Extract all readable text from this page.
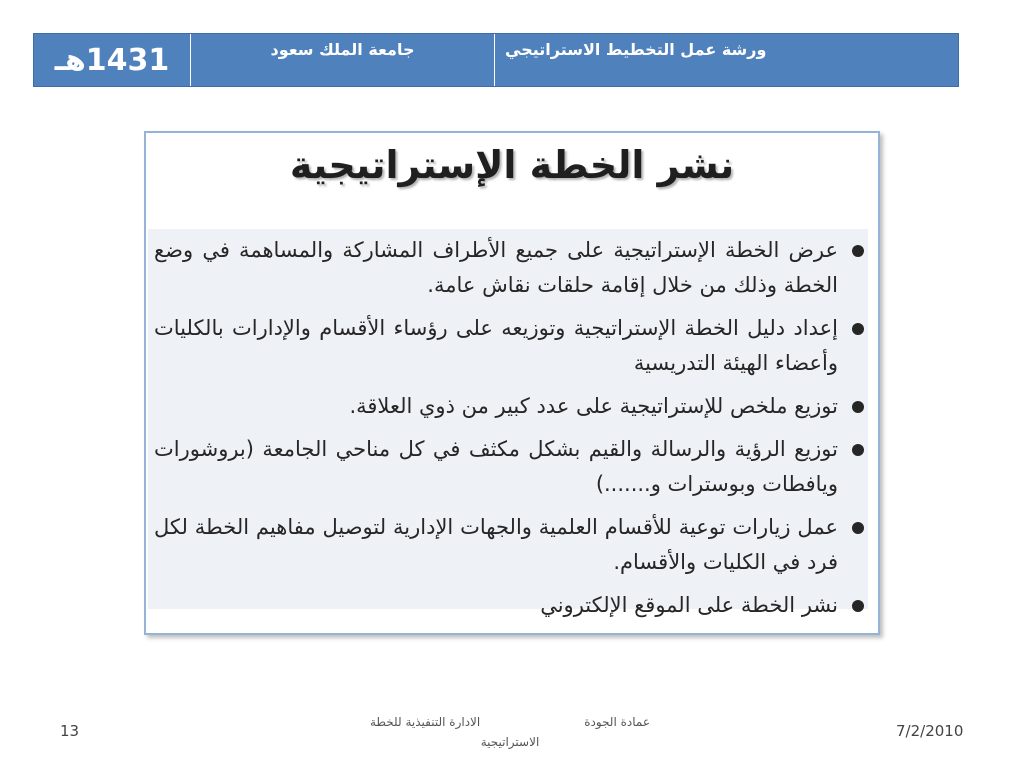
ورشة عمل التخطيط الاستراتيجي
جامعة الملك سعود
1431هـ
نشر الخطة الإستراتيجية
عرض الخطة الإستراتيجية على جميع الأطراف المشاركة والمساهمة في وضع الخطة وذلك من خلال إقامة حلقات نقاش عامة.
إعداد دليل الخطة الإستراتيجية وتوزيعه على رؤساء الأقسام والإدارات بالكليات وأعضاء الهيئة التدريسية
توزيع ملخص للإستراتيجية على عدد كبير من ذوي العلاقة.
توزيع الرؤية والرسالة والقيم بشكل مكثف في كل مناحي الجامعة (بروشورات ويافطات وبوسترات و.......)
عمل زيارات توعية للأقسام العلمية والجهات الإدارية لتوصيل مفاهيم الخطة لكل فرد في الكليات والأقسام.
نشر الخطة على الموقع الإلكتروني
13	عمادة الجودة
الادارة التنفيذية للخطة
الاستراتيجية
7/2/2010
